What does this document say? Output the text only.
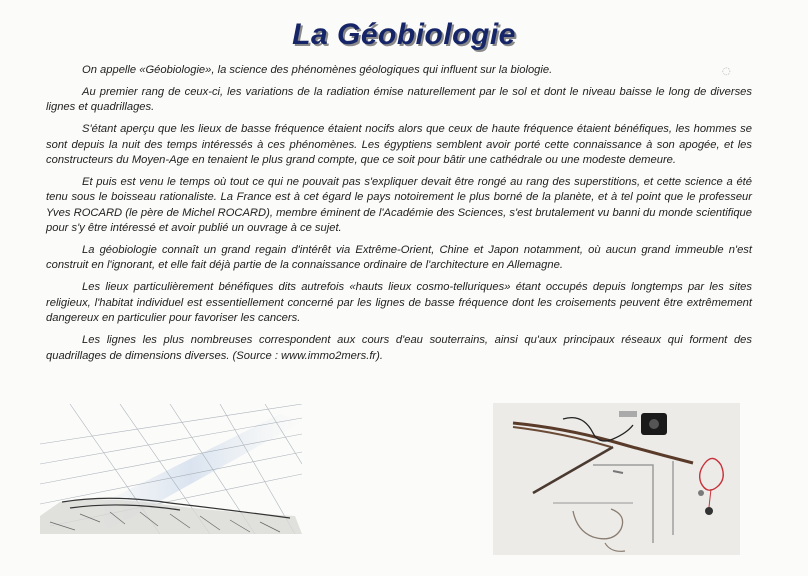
La Géobiologie
◌

On appelle «Géobiologie», la science des phénomènes géologiques qui influent sur la biologie.

Au premier rang de ceux-ci, les variations de la radiation émise naturellement par le sol et dont le niveau baisse le long de diverses lignes et quadrillages.

S'étant aperçu que les lieux de basse fréquence étaient nocifs alors que ceux de haute fréquence étaient bénéfiques, les hommes se sont depuis la nuit des temps intéressés à ces phénomènes. Les égyptiens semblent avoir porté cette connaissance à son apogée, et les constructeurs du Moyen-Age en tenaient le plus grand compte, que ce soit pour bâtir une cathédrale ou une modeste demeure.

Et puis est venu le temps où tout ce qui ne pouvait pas s'expliquer devait être rongé au rang des superstitions, et cette science a été tenu sous le boisseau rationaliste. La France est à cet égard le pays notoirement le plus borné de la planète, et à tel point que le professeur Yves ROCARD (le père de Michel ROCARD), membre éminent de l'Académie des Sciences, s'est brutalement vu banni du monde scientifique pour s'y être intéressé et avoir publié un ouvrage à ce sujet.

La géobiologie connaît un grand regain d'intérêt via Extrême-Orient, Chine et Japon notamment, où aucun grand immeuble n'est construit en l'ignorant, et elle fait déjà partie de la connaissance ordinaire de l'architecture en Allemagne.

Les lieux particulièrement bénéfiques dits autrefois «hauts lieux cosmo-telluriques» étant occupés depuis longtemps par les sites religieux, l'habitat individuel est essentiellement concerné par les lignes de basse fréquence dont les croisements peuvent être extrêmement dangereux en particulier pour favoriser les cancers.

Les lignes les plus nombreuses correspondent aux cours d'eau souterrains, ainsi qu'aux principaux réseaux qui forment des quadrillages de dimensions diverses. (Source : www.immo2mers.fr).
